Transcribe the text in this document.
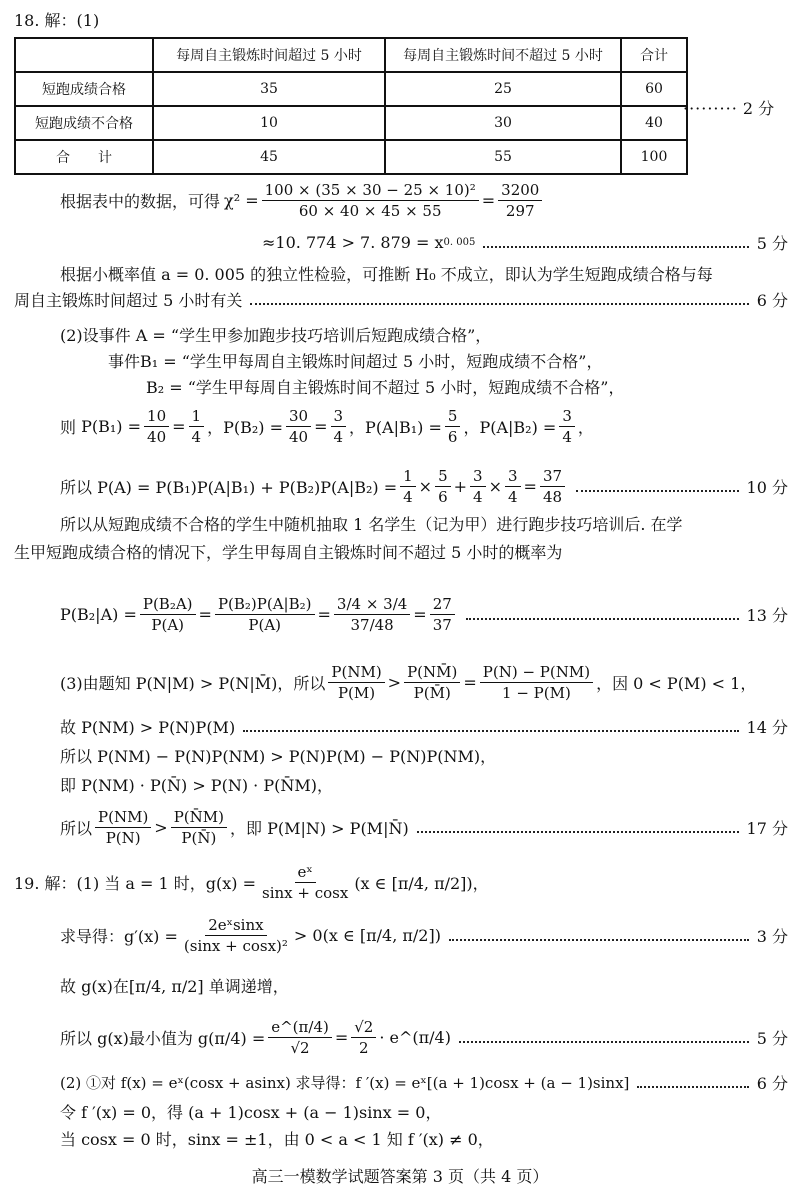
18. 解：(1)
	每周自主锻炼时间超过 5 小时	每周自主锻炼时间不超过 5 小时	合计
短跑成绩合格	35	25	60
短跑成绩不合格	10	30	40
合　　计	45	55	100
········· 2 分
根据表中的数据，可得 $\chi^2 = \frac{\text{100 × (35 × 30 − 25 × 10)²}}{60 \times 40 \times 45 \times 55} = \frac{3200}{297}$
≈10. 774 > 7. 879 = x 0. 005	5 分
根据小概率值 a = 0. 005 的独立性检验，可推断 H₀ 不成立，即认为学生短跑成绩合格与每
周自主锻炼时间超过 5 小时有关	6 分
(2)设事件 A = “学生甲参加跑步技巧培训后短跑成绩合格”，
事件B₁ = “学生甲每周自主锻炼时间超过 5 小时，短跑成绩不合格”，
B₂ = “学生甲每周自主锻炼时间不超过 5 小时，短跑成绩不合格”，
则
$P(B_1) = \frac{10}{40} = \frac{1}{4}$ ，$P(B_2) = \frac{30}{40} = \frac{3}{4}$ ，$P(A|B_1) = \frac{5}{6}$ ，$P(A|B_2) = \frac{3}{4}$ ，
所以 $P(A) = P(B_1)P(A|B_1) + P(B_2)P(A|B_2) = \frac{1}{4} \times \frac{5}{6} + \frac{3}{4} \times \frac{3}{4} = \frac{37}{48}$	10 分
所以从短跑成绩不合格的学生中随机抽取 1 名学生（记为甲）进行跑步技巧培训后. 在学
生甲短跑成绩合格的情况下，学生甲每周自主锻炼时间不超过 5 小时的概率为
$P(B_2|A) = \frac{\text{P(B₂A)}}{P(A)} = \frac{\text{P(B₂)P(A|B₂)}}{P(A)} = \frac{3/4 \times 3/4}{37/48} = \frac{27}{37}$	13 分
(3)由题知 P(N|M) > P(N|M̄)，所以 $\frac{P(NM)}{P(M)} > \frac{P(NM̄)}{P(M̄)} = \frac{P(N) - P(NM)}{1 - P(M)}$ ，因 0 < P(M) < 1，
故 P(NM) > P(N)P(M)	14 分
所以 P(NM) − P(N)P(NM) > P(N)P(M) − P(N)P(NM)，
即 P(NM) · P(N̄) > P(N) · P(N̄M)，
所以 $\frac{P(NM)}{P(N)} > \frac{P(N̄M)}{P(N̄)}$ ，即 P(M|N) > P(M|N̄)	17 分
19. 解：(1) 当 a = 1 时，$g(x) = \frac{\text{eˣ}}{\sin x + \cos x} (x$ ∈ [π/4, π/2])，
求导得：$g'(x) = \frac{\text{2eˣsinx}}{\text{(sinx + cosx)²}} > 0(x$ ∈ [π/4, π/2])	3 分
故 g(x)在[π/4, π/2] 单调递增，
所以 g(x)最小值为 $g(\pi/4) = \frac{e\^{}(\pi/4)}{√2} = \frac{√2}{2}$ · e^(π/4)	5 分
(2) ①对 f(x) = eˣ(cosx + asinx) 求导得：f ′(x) = eˣ[(a + 1)cosx + (a − 1)sinx]	6 分
令 f ′(x) = 0，得 (a + 1)cosx + (a − 1)sinx = 0，
当 cosx = 0 时，sinx = ±1，由 0 < a < 1 知 f ′(x) ≠ 0，
高三一模数学试题答案第 3 页（共 4 页）
